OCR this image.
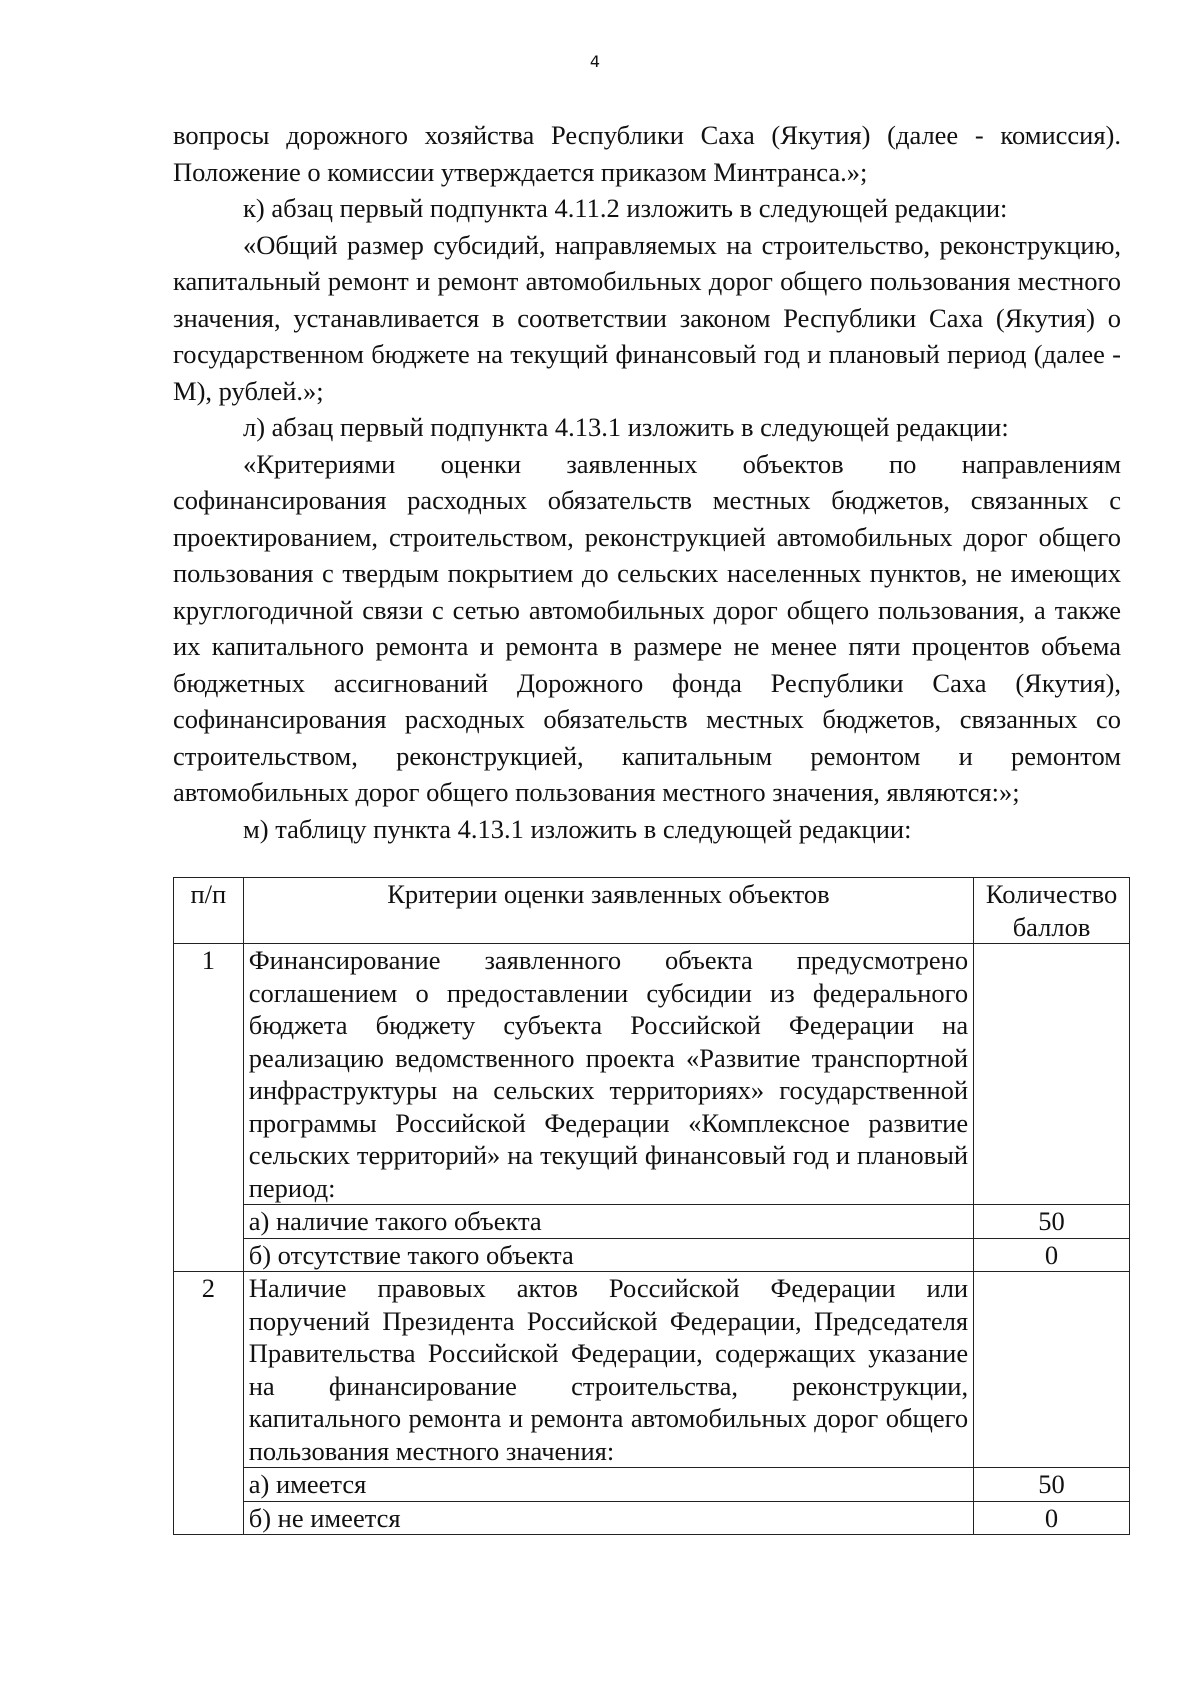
4

вопросы дорожного хозяйства Республики Саха (Якутия) (далее - комиссия). Положение о комиссии утверждается приказом Минтранса.»;

к) абзац первый подпункта 4.11.2 изложить в следующей редакции:

«Общий размер субсидий, направляемых на строительство, реконструкцию, капитальный ремонт и ремонт автомобильных дорог общего пользования местного значения, устанавливается в соответствии законом Республики Саха (Якутия) о государственном бюджете на текущий финансовый год и плановый период (далее - М), рублей.»;

л) абзац первый подпункта 4.13.1 изложить в следующей редакции:

«Критериями оценки заявленных объектов по направлениям софинансирования расходных обязательств местных бюджетов, связанных с проектированием, строительством, реконструкцией автомобильных дорог общего пользования с твердым покрытием до сельских населенных пунктов, не имеющих круглогодичной связи с сетью автомобильных дорог общего пользования, а также их капитального ремонта и ремонта в размере не менее пяти процентов объема бюджетных ассигнований Дорожного фонда Республики Саха (Якутия), софинансирования расходных обязательств местных бюджетов, связанных со строительством, реконструкцией, капитальным ремонтом и ремонтом автомобильных дорог общего пользования местного значения, являются:»;

м) таблицу пункта 4.13.1 изложить в следующей редакции:

п/п	Критерии оценки заявленных объектов	Количество баллов
1	Финансирование заявленного объекта предусмотрено соглашением о предоставлении субсидии из федерального бюджета бюджету субъекта Российской Федерации на реализацию ведомственного проекта «Развитие транспортной инфраструктуры на сельских территориях» государственной программы Российской Федерации «Комплексное развитие сельских территорий» на текущий финансовый год и плановый период:	
	а) наличие такого объекта	50
	б) отсутствие такого объекта	0
2	Наличие правовых актов Российской Федерации или поручений Президента Российской Федерации, Председателя Правительства Российской Федерации, содержащих указание на финансирование строительства, реконструкции, капитального ремонта и ремонта автомобильных дорог общего пользования местного значения:	
	а) имеется	50
	б) не имеется	0
